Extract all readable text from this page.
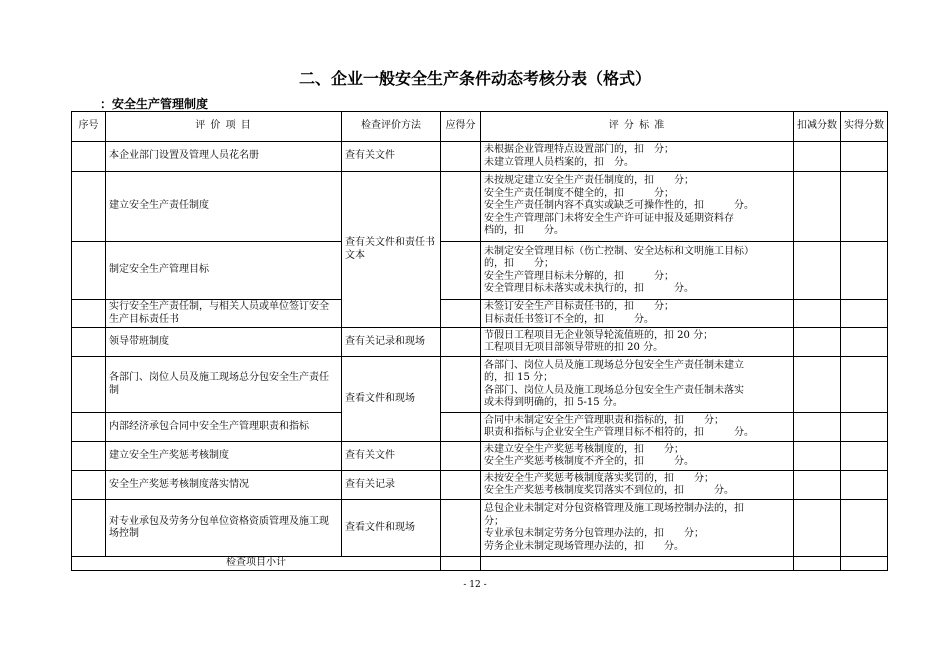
二、企业一般安全生产条件动态考核分表（格式）
：安全生产管理制度
序号	评 价 项 目	检查评价方法	应得分	评 分 标 准	扣减分数	实得分数
	本企业部门设置及管理人员花名册	查有关文件		未根据企业管理特点设置部门的，扣　分；
未建立管理人员档案的，扣　分。		

	建立安全生产责任制度	查有关文件和责任书文本		未按规定建立安全生产责任制度的，扣　　分；
安全生产责任制度不健全的，扣　　　分；
安全生产责任制内容不真实或缺乏可操作性的，扣　　　分。
安全生产管理部门未将安全生产许可证申报及延期资料存
档的，扣　　分。		

	制定安全生产管理目标			未制定安全管理目标（伤亡控制、安全达标和文明施工目标）
的，扣　　分；
安全生产管理目标未分解的，扣　　　分；
安全管理目标未落实或未执行的，扣　　　分。		

	实行安全生产责任制，与相关人员或单位签订安全生产目标责任书			未签订安全生产目标责任书的，扣　　分；
目标责任书签订不全的，扣　　　分。		

	领导带班制度	查有关记录和现场		节假日工程项目无企业领导轮流值班的，扣 20 分；
工程项目无项目部领导带班的扣 20 分。		

	各部门、岗位人员及施工现场总分包安全生产责任制	查看文件和现场		各部门、岗位人员及施工现场总分包安全生产责任制未建立
的，扣 15 分；
各部门、岗位人员及施工现场总分包安全生产责任制未落实
或未得到明确的，扣 5-15 分。		

	内部经济承包合同中安全生产管理职责和指标			合同中未制定安全生产管理职责和指标的，扣　　分；
职责和指标与企业安全生产管理目标不相符的，扣　　　分。		

	建立安全生产奖惩考核制度	查有关文件		未建立安全生产奖惩考核制度的，扣　　分；
安全生产奖惩考核制度不齐全的，扣　　　分。		

	安全生产奖惩考核制度落实情况	查有关记录		未按安全生产奖惩考核制度落实奖罚的，扣　　分；
安全生产奖惩考核制度奖罚落实不到位的，扣　　　分。		

	对专业承包及劳务分包单位资格资质管理及施工现场控制	查看文件和现场		总包企业未制定对分包资格管理及施工现场控制办法的，扣
分；
专业承包未制定劳务分包管理办法的，扣　　分；
劳务企业未制定现场管理办法的，扣　　分。		

检查项目小计						
- 12 -
